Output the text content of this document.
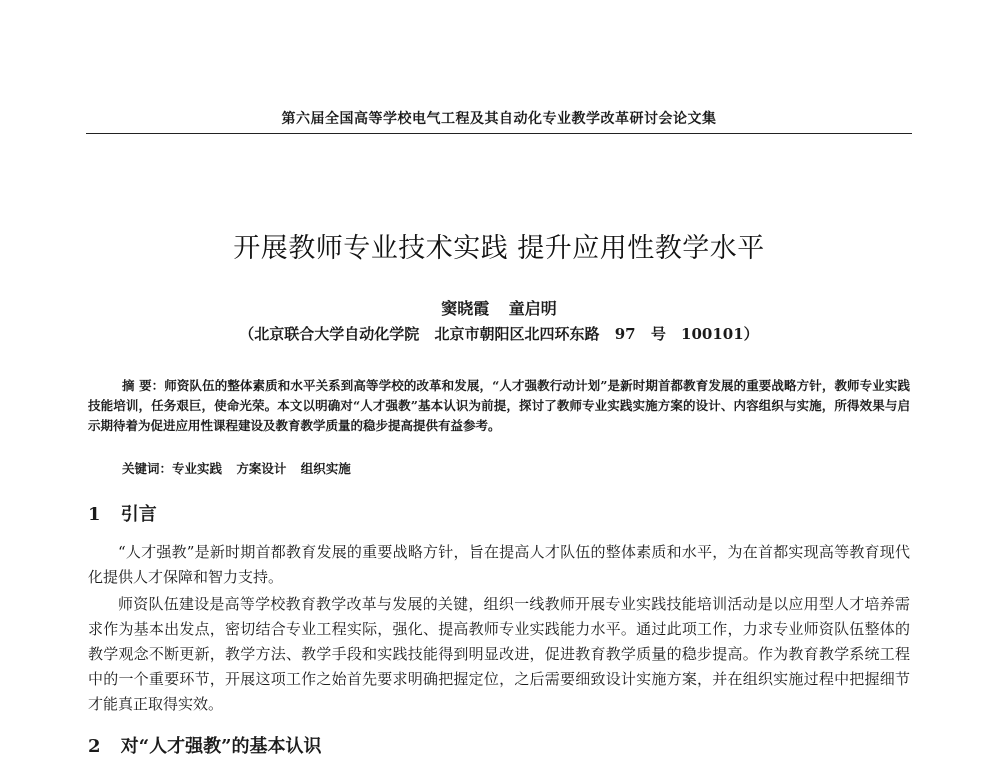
第六届全国高等学校电气工程及其自动化专业教学改革研讨会论文集
开展教师专业技术实践 提升应用性教学水平
窦晓霞 童启明
（北京联合大学自动化学院 北京市朝阳区北四环东路 97 号 100101）

摘 要：师资队伍的整体素质和水平关系到高等学校的改革和发展，“人才强教行动计划”是新时期首都教育发展的重要战略方针，教师专业实践技能培训，任务艰巨，使命光荣。本文以明确对“人才强教”基本认识为前提，探讨了教师专业实践实施方案的设计、内容组织与实施，所得效果与启示期待着为促进应用性课程建设及教育教学质量的稳步提高提供有益参考。

关键词：专业实践 方案设计 组织实施
1 引言

“人才强教”是新时期首都教育发展的重要战略方针，旨在提高人才队伍的整体素质和水平，为在首都实现高等教育现代化提供人才保障和智力支持。

师资队伍建设是高等学校教育教学改革与发展的关键，组织一线教师开展专业实践技能培训活动是以应用型人才培养需求作为基本出发点，密切结合专业工程实际，强化、提高教师专业实践能力水平。通过此项工作，力求专业师资队伍整体的教学观念不断更新，教学方法、教学手段和实践技能得到明显改进，促进教育教学质量的稳步提高。作为教育教学系统工程中的一个重要环节，开展这项工作之始首先要求明确把握定位，之后需要细致设计实施方案，并在组织实施过程中把握细节才能真正取得实效。

2 对“人才强教”的基本认识
